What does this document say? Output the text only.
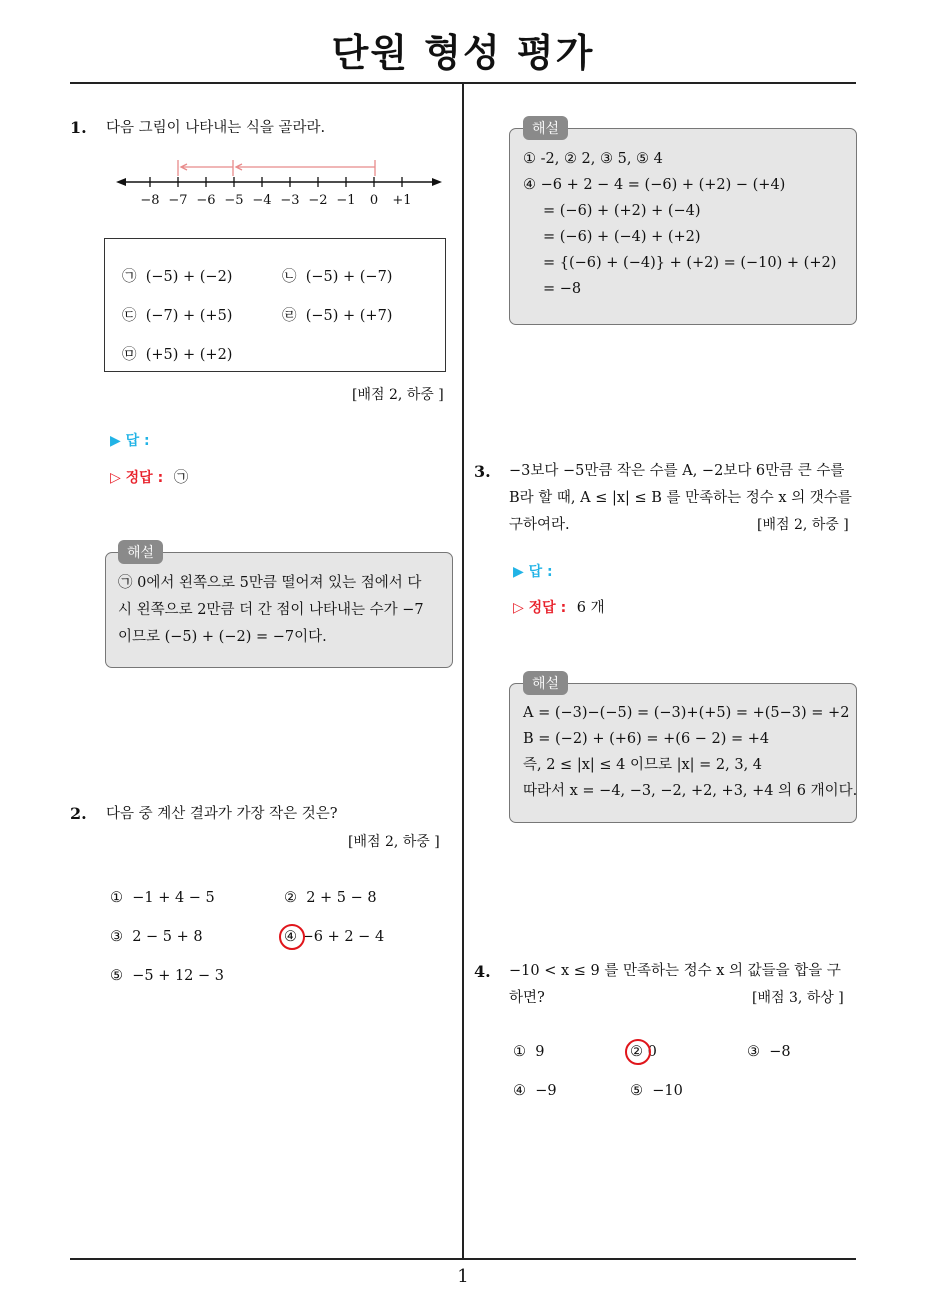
단원 형성 평가
1
1. 다음 그림이 나타내는 식을 골라라.
−8 −7 −6 −5 −4 −3 −2 −1 0 +1
㉠ (−5) + (−2)	㉡ (−5) + (−7)
㉢ (−7) + (+5)	㉣ (−5) + (+7)
㉤ (+5) + (+2)
[배점 2, 하중 ]
▶ 답 :
▷ 정답 : ㉠
해설
㉠ 0에서 왼쪽으로 5만큼 떨어져 있는 점에서 다
시 왼쪽으로 2만큼 더 간 점이 나타내는 수가 −7
이므로 (−5) + (−2) = −7이다.
2. 다음 중 계산 결과가 가장 작은 것은?
[배점 2, 하중 ]
① −1 + 4 − 5	② 2 + 5 − 8
③ 2 − 5 + 8	④ −6 + 2 − 4
⑤ −5 + 12 − 3
해설
① -2, ② 2, ③ 5, ⑤ 4
④ −6 + 2 − 4 = (−6) + (+2) − (+4)
= (−6) + (+2) + (−4)
= (−6) + (−4) + (+2)
= {(−6) + (−4)} + (+2) = (−10) + (+2)
= −8
3. −3보다 −5만큼 작은 수를 A, −2보다 6만큼 큰 수를
B라 할 때, A ≤ |x| ≤ B 를 만족하는 정수 x 의 갯수를
구하여라.	[배점 2, 하중 ]
▶ 답 :
▷ 정답 : 6 개
해설
A = (−3)−(−5) = (−3)+(+5) = +(5−3) = +2
B = (−2) + (+6) = +(6 − 2) = +4
즉, 2 ≤ |x| ≤ 4 이므로 |x| = 2, 3, 4
따라서 x = −4, −3, −2, +2, +3, +4 의 6 개이다.
4. −10 < x ≤ 9 를 만족하는 정수 x 의 값들을 합을 구
하면?	[배점 3, 하상 ]
① 9	② 0	③ −8
④ −9	⑤ −10
